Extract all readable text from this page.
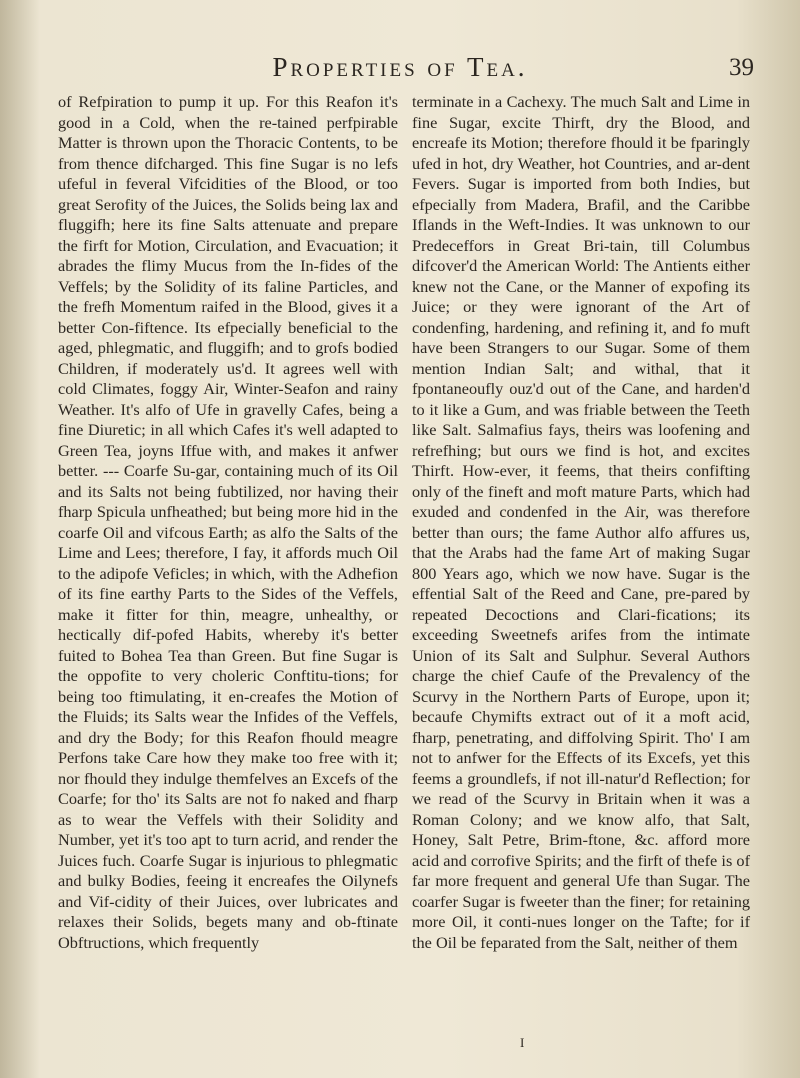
Properties of Tea.	39

of Refpiration to pump it up. For this Reafon it's good in a Cold, when the re-tained perfpirable Matter is thrown upon the Thoracic Contents, to be from thence difcharged. This fine Sugar is no lefs ufeful in feveral Vifcidities of the Blood, or too great Serofity of the Juices, the Solids being lax and fluggifh; here its fine Salts attenuate and prepare the firft for Motion, Circulation, and Evacuation; it abrades the flimy Mucus from the In-fides of the Veffels; by the Solidity of its faline Particles, and the frefh Momentum raifed in the Blood, gives it a better Con-fiftence. Its efpecially beneficial to the aged, phlegmatic, and fluggifh; and to grofs bodied Children, if moderately us'd. It agrees well with cold Climates, foggy Air, Winter-Seafon and rainy Weather. It's alfo of Ufe in gravelly Cafes, being a fine Diuretic; in all which Cafes it's well adapted to Green Tea, joyns Iffue with, and makes it anfwer better. --- Coarfe Su-gar, containing much of its Oil and its Salts not being fubtilized, nor having their fharp Spicula unfheathed; but being more hid in the coarfe Oil and vifcous Earth; as alfo the Salts of the Lime and Lees; therefore, I fay, it affords much Oil to the adipofe Veficles; in which, with the Adhefion of its fine earthy Parts to the Sides of the Veffels, make it fitter for thin, meagre, unhealthy, or hectically dif-pofed Habits, whereby it's better fuited to Bohea Tea than Green. But fine Sugar is the oppofite to very choleric Conftitu-tions; for being too ftimulating, it en-creafes the Motion of the Fluids; its Salts wear the Infides of the Veffels, and dry the Body; for this Reafon fhould meagre Perfons take Care how they make too free with it; nor fhould they indulge themfelves an Excefs of the Coarfe; for tho' its Salts are not fo naked and fharp as to wear the Veffels with their Solidity and Number, yet it's too apt to turn acrid, and render the Juices fuch. Coarfe Sugar is injurious to phlegmatic and bulky Bodies, feeing it encreafes the Oilynefs and Vif-cidity of their Juices, over lubricates and relaxes their Solids, begets many and ob-ftinate Obftructions, which frequently

terminate in a Cachexy. The much Salt and Lime in fine Sugar, excite Thirft, dry the Blood, and encreafe its Motion; therefore fhould it be fparingly ufed in hot, dry Weather, hot Countries, and ar-dent Fevers. Sugar is imported from both Indies, but efpecially from Madera, Brafil, and the Caribbe Iflands in the Weft-Indies. It was unknown to our Predeceffors in Great Bri-tain, till Columbus difcover'd the American World: The Antients either knew not the Cane, or the Manner of expofing its Juice; or they were ignorant of the Art of condenfing, hardening, and refining it, and fo muft have been Strangers to our Sugar. Some of them mention Indian Salt; and withal, that it fpontaneoufly ouz'd out of the Cane, and harden'd to it like a Gum, and was friable between the Teeth like Salt. Salmafius fays, theirs was loofening and refrefhing; but ours we find is hot, and excites Thirft. How-ever, it feems, that theirs confifting only of the fineft and moft mature Parts, which had exuded and condenfed in the Air, was therefore better than ours; the fame Author alfo affures us, that the Arabs had the fame Art of making Sugar 800 Years ago, which we now have. Sugar is the effential Salt of the Reed and Cane, pre-pared by repeated Decoctions and Clari-fications; its exceeding Sweetnefs arifes from the intimate Union of its Salt and Sulphur. Several Authors charge the chief Caufe of the Prevalency of the Scurvy in the Northern Parts of Europe, upon it; becaufe Chymifts extract out of it a moft acid, fharp, penetrating, and diffolving Spirit. Tho' I am not to anfwer for the Effects of its Excefs, yet this feems a groundlefs, if not ill-natur'd Reflection; for we read of the Scurvy in Britain when it was a Roman Colony; and we know alfo, that Salt, Honey, Salt Petre, Brim-ftone, &c. afford more acid and corrofive Spirits; and the firft of thefe is of far more frequent and general Ufe than Sugar. The coarfer Sugar is fweeter than the finer; for retaining more Oil, it conti-nues longer on the Tafte; for if the Oil be feparated from the Salt, neither of them

I
